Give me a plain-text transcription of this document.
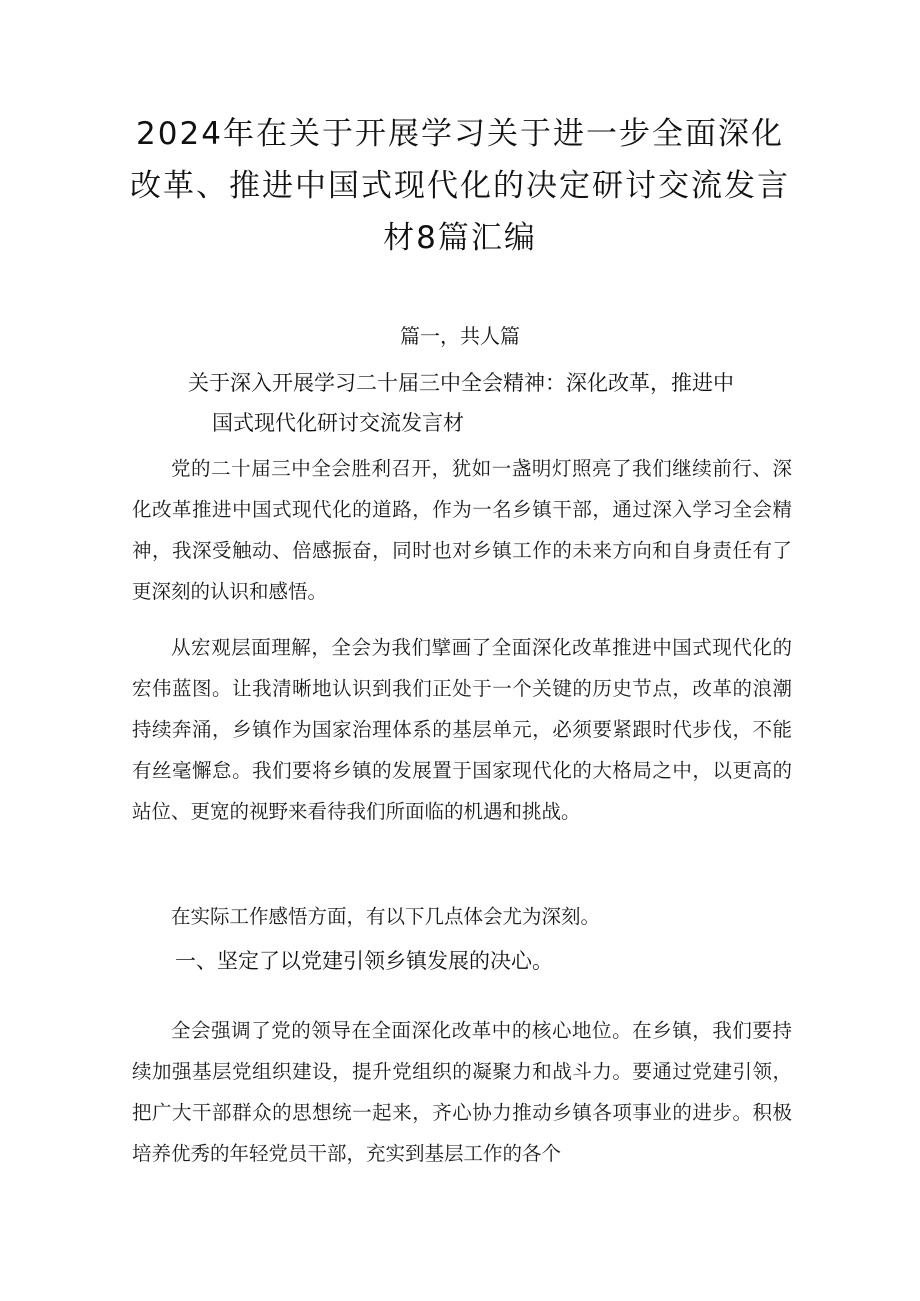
2024年在关于开展学习关于进一步全面深化改革、推进中国式现代化的决定研讨交流发言材8篇汇编
篇一，共人篇
关于深入开展学习二十届三中全会精神：深化改革，推进中
国式现代化研讨交流发言材

党的二十届三中全会胜利召开，犹如一盏明灯照亮了我们继续前行、深化改革推进中国式现代化的道路，作为一名乡镇干部，通过深入学习全会精神，我深受触动、倍感振奋，同时也对乡镇工作的未来方向和自身责任有了更深刻的认识和感悟。

从宏观层面理解，全会为我们擘画了全面深化改革推进中国式现代化的宏伟蓝图。让我清晰地认识到我们正处于一个关键的历史节点，改革的浪潮持续奔涌，乡镇作为国家治理体系的基层单元，必须要紧跟时代步伐，不能有丝毫懈怠。我们要将乡镇的发展置于国家现代化的大格局之中，以更高的站位、更宽的视野来看待我们所面临的机遇和挑战。

在实际工作感悟方面，有以下几点体会尤为深刻。

一、坚定了以党建引领乡镇发展的决心。

全会强调了党的领导在全面深化改革中的核心地位。在乡镇，我们要持续加强基层党组织建设，提升党组织的凝聚力和战斗力。要通过党建引领，把广大干部群众的思想统一起来，齐心协力推动乡镇各项事业的进步。积极培养优秀的年轻党员干部，充实到基层工作的各个
